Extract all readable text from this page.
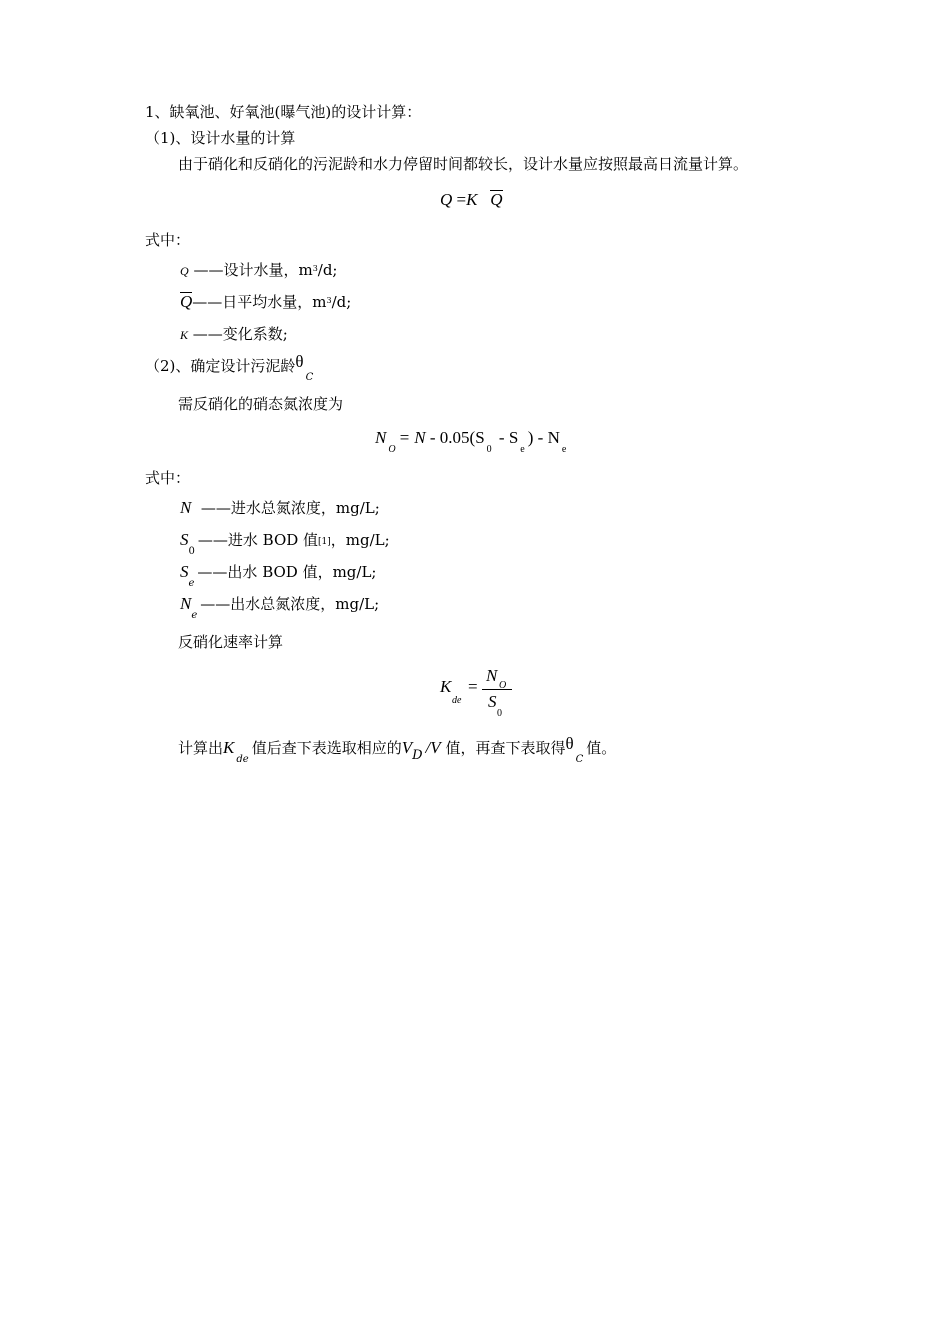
1、缺氧池、好氧池(曝气池)的设计计算：
（1)、设计水量的计算
由于硝化和反硝化的污泥龄和水力停留时间都较长，设计水量应按照最高日流量计算。
Q =K Q
式中：
Q ——设计水量，$m^3/d$;
Q——日平均水量，$m^3/d$;
K ——变化系数;
（2)、确定设计污泥龄$\theta_C$
需反硝化的硝态氮浓度为
$N_O= N - 0.05(S_0 - S_e) - N_e$
式中：
N ——进水总氮浓度，mg/L;
$S_0——$进水 BOD 值[1]，mg/L;
$S_e——$出水 BOD 值，mg/L;
$N_e——$出水总氮浓度，mg/L;
反硝化速率计算
K
de
=
N
O
S
0
计算出$K_{de}$值后查下表选取相应的VD /V 值，再查下表取得$\theta_C$值。
